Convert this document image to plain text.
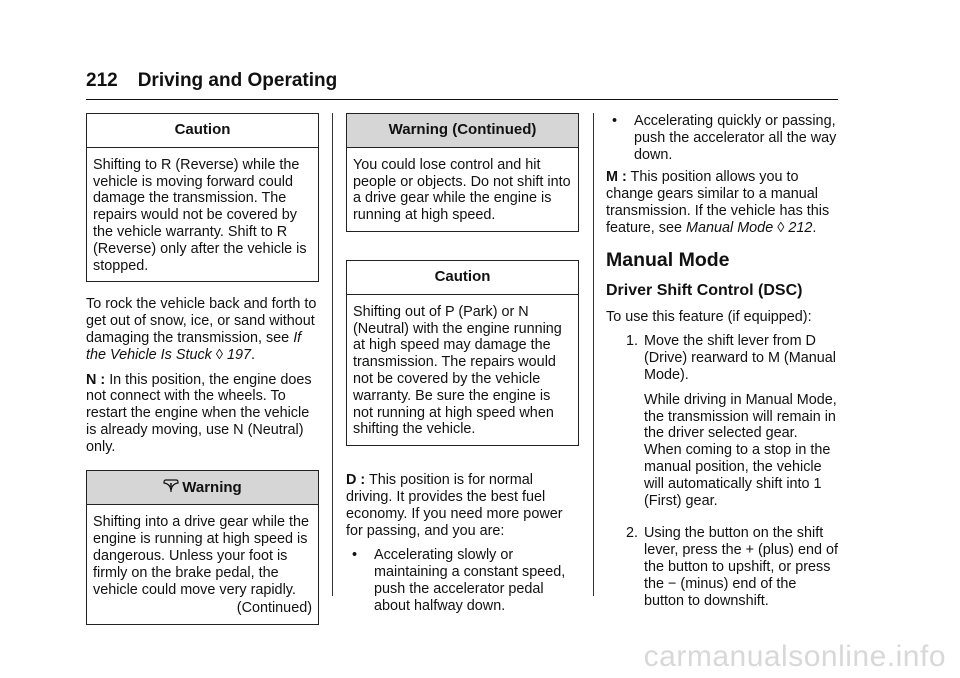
212 Driving and Operating
Caution
Shifting to R (Reverse) while the vehicle is moving forward could damage the transmission. The repairs would not be covered by the vehicle warranty. Shift to R (Reverse) only after the vehicle is stopped.

To rock the vehicle back and forth to get out of snow, ice, or sand without damaging the transmission, see If the Vehicle Is Stuck ◊ 197.

N : In this position, the engine does not connect with the wheels. To restart the engine when the vehicle is already moving, use N (Neutral) only.

! Warning
Shifting into a drive gear while the engine is running at high speed is dangerous. Unless your foot is firmly on the brake pedal, the vehicle could move very rapidly.
(Continued)
Warning (Continued)
You could lose control and hit people or objects. Do not shift into a drive gear while the engine is running at high speed.
Caution
Shifting out of P (Park) or N (Neutral) with the engine running at high speed may damage the transmission. The repairs would not be covered by the vehicle warranty. Be sure the engine is not running at high speed when shifting the vehicle.

D : This position is for normal driving. It provides the best fuel economy. If you need more power for passing, and you are:

•	Accelerating slowly or maintaining a constant speed, push the accelerator pedal about halfway down.
•	Accelerating quickly or passing, push the accelerator all the way down.

M : This position allows you to change gears similar to a manual transmission. If the vehicle has this feature, see Manual Mode ◊ 212.

Manual Mode
Driver Shift Control (DSC)

To use this feature (if equipped):

1. Move the shift lever from D (Drive) rearward to M (Manual Mode).

While driving in Manual Mode, the transmission will remain in the driver selected gear. When coming to a stop in the manual position, the vehicle will automatically shift into 1 (First) gear.

2. Using the button on the shift lever, press the + (plus) end of the button to upshift, or press the − (minus) end of the button to downshift.

carmanualsonline.info
